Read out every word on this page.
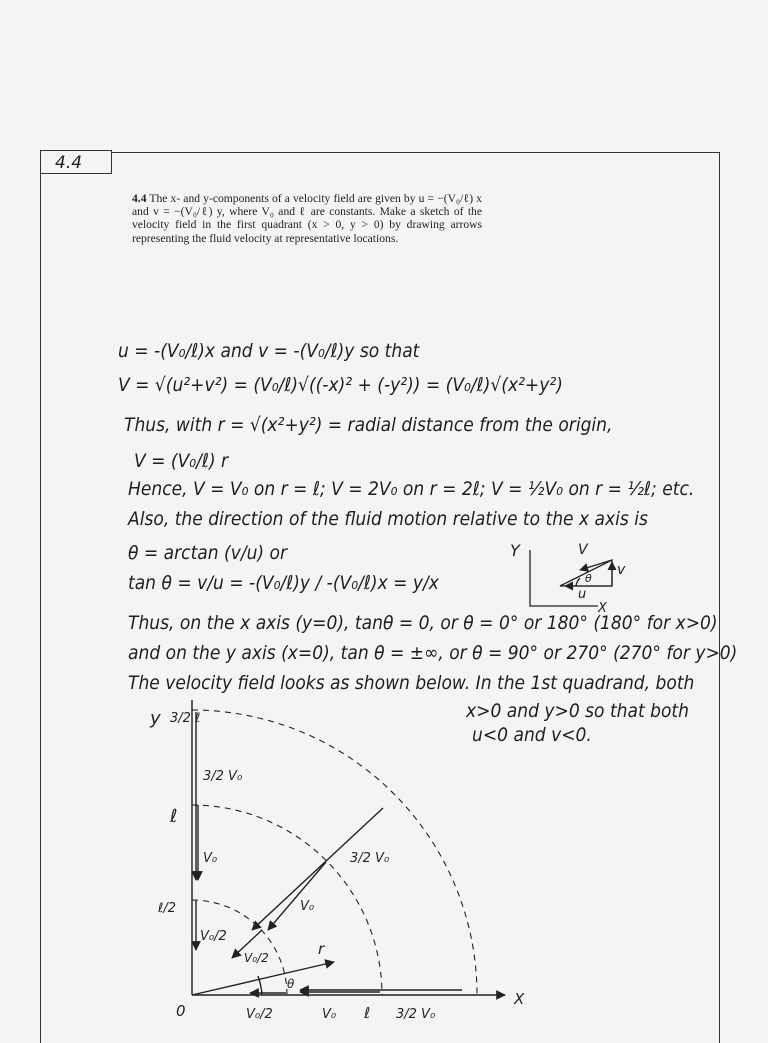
4.4
4.4 The x- and y-components of a velocity field are given by u = −(V₀/ℓ) x and v = −(V₀/ℓ) y, where V₀ and ℓ are constants. Make a sketch of the velocity field in the first quadrant (x > 0, y > 0) by drawing arrows representing the fluid velocity at representative locations.
u = -(V₀/ℓ)x and v = -(V₀/ℓ)y so that
V = √(u²+v²) = (V₀/ℓ)√((-x)² + (-y²)) = (V₀/ℓ)√(x²+y²)
Thus, with r = √(x²+y²) = radial distance from the origin,
V = (V₀/ℓ) r
Hence, V = V₀ on r = ℓ; V = 2V₀ on r = 2ℓ; V = ½V₀ on r = ½ℓ; etc.
Also, the direction of the fluid motion relative to the x axis is
θ = arctan (v/u) or
tan θ = v/u = -(V₀/ℓ)y / -(V₀/ℓ)x = y/x
Thus, on the x axis (y=0), tanθ = 0, or θ = 0° or 180° (180° for x>0)
and on the y axis (x=0), tan θ = ±∞, or θ = 90° or 270° (270° for y>0)
The velocity field looks as shown below. In the 1st quadrand, both
x>0 and y>0 so that both
u<0 and v<0.
Y
X
V
v
u
θ
y 3/2 ℓ
ℓ
ℓ/2
0
X
3/2 V₀
V₀
V₀/2
3/2 V₀
V₀
V₀/2	r
θ
V₀/2	V₀ ℓ 3/2 V₀
